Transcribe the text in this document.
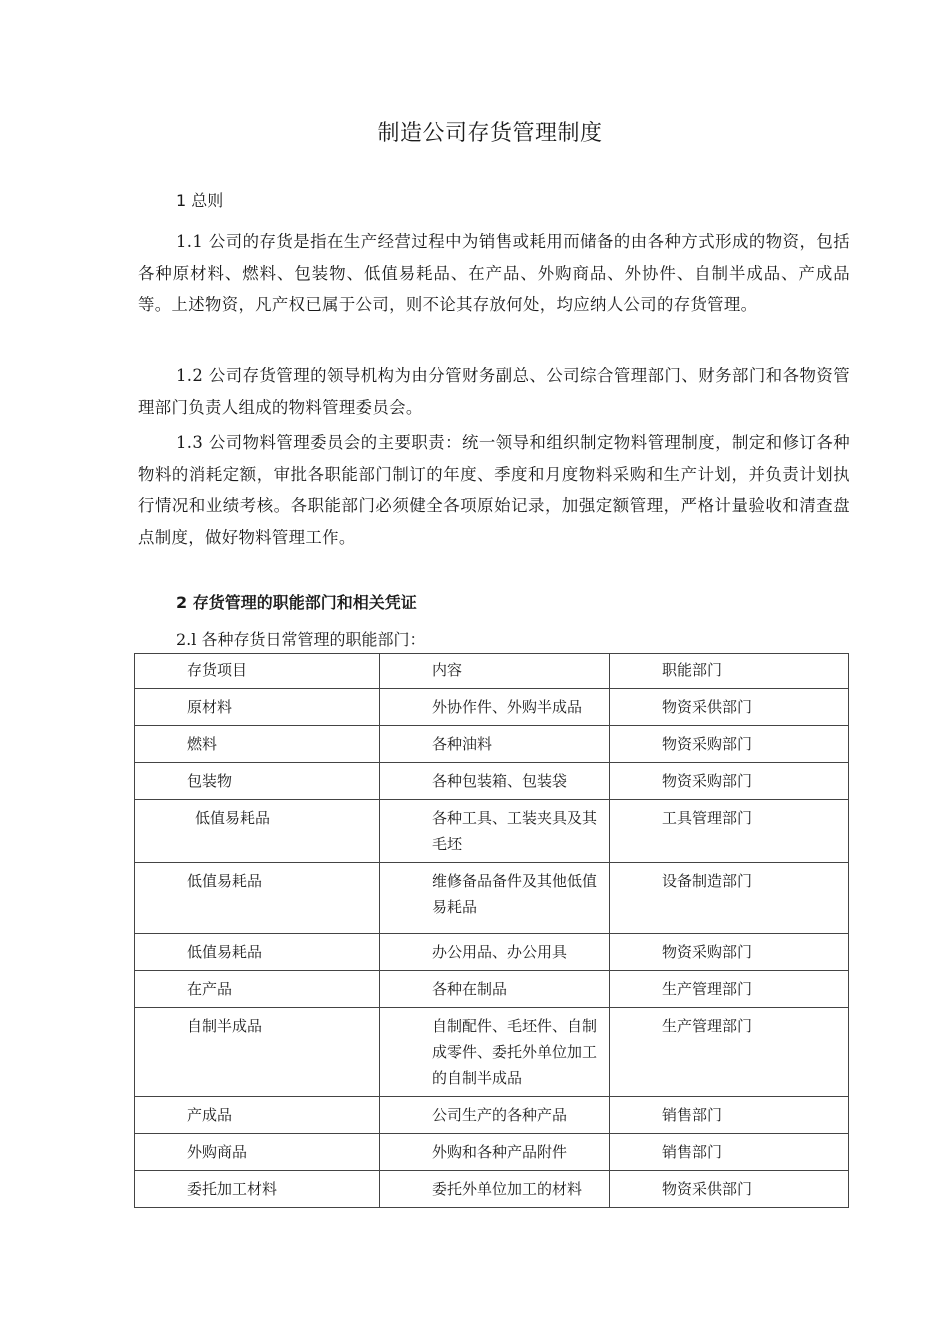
制造公司存货管理制度
1 总则

1.1 公司的存货是指在生产经营过程中为销售或耗用而储备的由各种方式形成的物资，包括各种原材料、燃料、包装物、低值易耗品、在产品、外购商品、外协件、自制半成品、产成品等。上述物资，凡产权已属于公司，则不论其存放何处，均应纳人公司的存货管理。

1.2 公司存货管理的领导机构为由分管财务副总、公司综合管理部门、财务部门和各物资管理部门负责人组成的物料管理委员会。

1.3 公司物料管理委员会的主要职责：统一领导和组织制定物料管理制度，制定和修订各种物料的消耗定额，审批各职能部门制订的年度、季度和月度物料采购和生产计划，并负责计划执行情况和业绩考核。各职能部门必须健全各项原始记录，加强定额管理，严格计量验收和清查盘点制度，做好物料管理工作。

2 存货管理的职能部门和相关凭证

2.l 各种存货日常管理的职能部门：

存货项目	内容	职能部门
原材料	外协作件、外购半成品	物资采供部门
燃料	各种油料	物资采购部门
包装物	各种包装箱、包装袋	物资采购部门
低值易耗品	各种工具、工装夹具及其毛坯	工具管理部门
低值易耗品	维修备品备件及其他低值易耗品	设备制造部门
低值易耗品	办公用品、办公用具	物资采购部门
在产品	各种在制品	生产管理部门
自制半成品	自制配件、毛坯件、自制成零件、委托外单位加工的自制半成品	生产管理部门
产成品	公司生产的各种产品	销售部门
外购商品	外购和各种产品附件	销售部门
委托加工材料	委托外单位加工的材料	物资采供部门
